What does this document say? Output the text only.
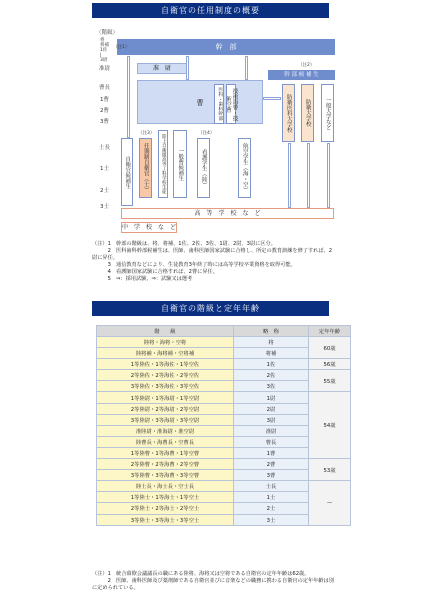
自衛官の任用制度の概要
〈階級〉
将
将補
1佐
|
3尉
准尉
曹長
1曹
2曹
3曹
士長
1士
2士
3士
幹　部
（注1）
准　尉
曹
幹 部 候 補 生
（注2）
技術海曹・技術空曹
医科・歯科幹部
（注3）	（注4）
自衛官候補生	任期制自衛官（士）	陸上自衛隊高等工科学校生徒	一般曹候補生	看護学生（陸）	航空学生（海・空）
防衛医科大学校	防衛大学校	一般大学など
高　等　学　校　な　ど
中　学　校　な　ど
（注）1　幹部の階級は、将、将補、1佐、2佐、3佐、1尉、2尉、3尉に区分。
　　　2　医科歯科幹部候補生は、医師、歯科医師国家試験に合格し、所定の教育訓練を修了すれば、2尉に昇任。
　　　3　通信教育などにより、生徒教育3年終了時には高等学校卒業資格を取得可能。
　　　4　看護師国家試験に合格すれば、2曹に昇任。
　　　5　⇒：採用試験、⇒：試験又は選考
自衛官の階級と定年年齢
階　　級	略　称	定年年齢
陸将・海将・空将	将	60歳
陸将補・海将補・空将補	将補	
1等陸佐・1等海佐・1等空佐	1佐	56歳
2等陸佐・2等海佐・2等空佐	2佐	55歳
3等陸佐・3等海佐・3等空佐	3佐	
1等陸尉・1等海尉・1等空尉	1尉	54歳
2等陸尉・2等海尉・2等空尉	2尉	
3等陸尉・3等海尉・3等空尉	3尉	
准陸尉・准海尉・准空尉	准尉	
陸曹長・海曹長・空曹長	曹長	
1等陸曹・1等海曹・1等空曹	1曹	
2等陸曹・2等海曹・2等空曹	2曹	53歳
3等陸曹・3等海曹・3等空曹	3曹	
陸士長・海士長・空士長	士長	—
1等陸士・1等海士・1等空士	1士	
2等陸士・2等海士・2等空士	2士	
3等陸士・3等海士・3等空士	3士	
（注）1　統合幕僚会議議長の職にある陸将、海将又は空将である自衛官の定年年齢は62歳。
　　　2　医師、歯科医師及び薬剤師である自衛官並びに音楽などの職務に携わる自衛官の定年年齢は別に定められている。
